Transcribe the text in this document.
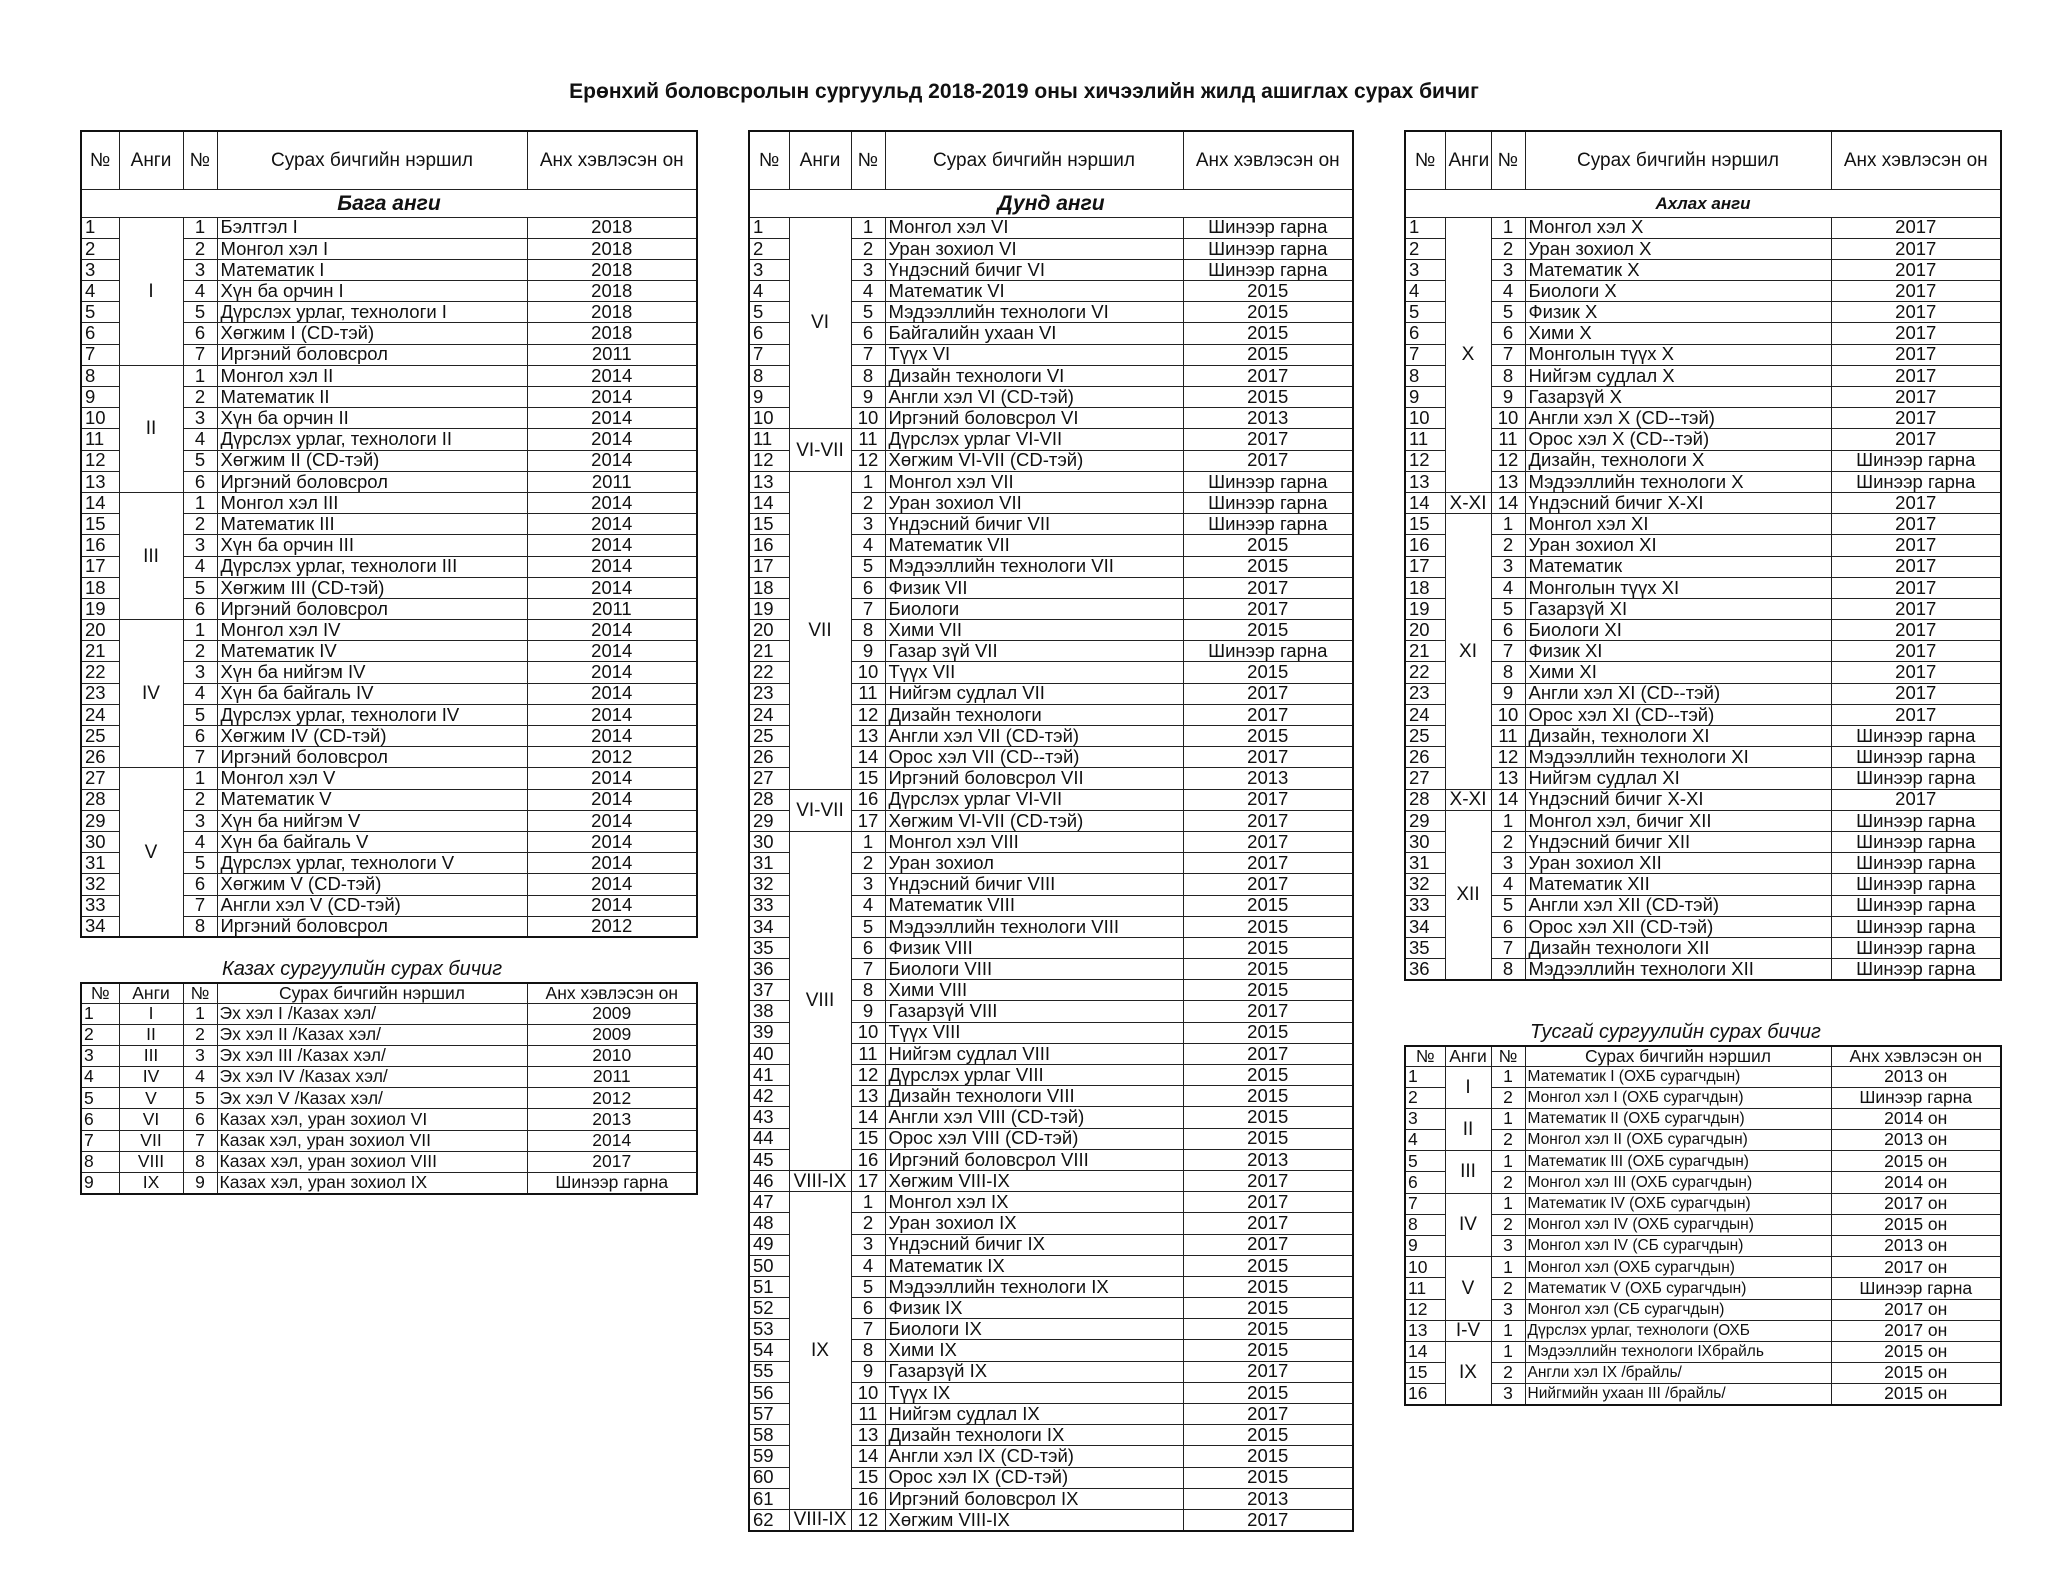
Ерөнхий боловсролын сургуульд 2018-2019 оны хичээлийн жилд ашиглах сурах бичиг
№	Анги	№	Сурах бичгийн нэршил	Анх хэвлэсэн он
Бага анги				
1	I	1	Бэлтгэл I	2018
2		2	Монгол хэл I	2018
3		3	Математик I	2018
4		4	Хүн ба орчин I	2018
5		5	Дүрслэх урлаг, технологи I	2018
6		6	Хөгжим I (CD-тэй)	2018
7		7	Иргэний боловсрол	2011
8	II	1	Монгол хэл II	2014
9		2	Математик II	2014
10		3	Хүн ба орчин II	2014
11		4	Дүрслэх урлаг, технологи II	2014
12		5	Хөгжим II (CD-тэй)	2014
13		6	Иргэний боловсрол	2011
14	III	1	Монгол хэл III	2014
15		2	Математик III	2014
16		3	Хүн ба орчин III	2014
17		4	Дүрслэх урлаг, технологи III	2014
18		5	Хөгжим III (CD-тэй)	2014
19		6	Иргэний боловсрол	2011
20	IV	1	Монгол хэл IV	2014
21		2	Математик IV	2014
22		3	Хүн ба нийгэм IV	2014
23		4	Хүн ба байгаль IV	2014
24		5	Дүрслэх урлаг, технологи IV	2014
25		6	Хөгжим IV (CD-тэй)	2014
26		7	Иргэний боловсрол	2012
27	V	1	Монгол хэл V	2014
28		2	Математик V	2014
29		3	Хүн ба нийгэм V	2014
30		4	Хүн ба байгаль V	2014
31		5	Дүрслэх урлаг, технологи V	2014
32		6	Хөгжим V (CD-тэй)	2014
33		7	Англи хэл V (CD-тэй)	2014
34		8	Иргэний боловсрол	2012
Казах сургуулийн сурах бичиг
№	Анги	№	Сурах бичгийн нэршил	Анх хэвлэсэн он
1	I	1	Эх хэл I /Казах хэл/	2009
2	II	2	Эх хэл II /Казах хэл/	2009
3	III	3	Эх хэл III /Казах хэл/	2010
4	IV	4	Эх хэл IV /Казах хэл/	2011
5	V	5	Эх хэл V /Казах хэл/	2012
6	VI	6	Казах хэл, уран зохиол VI	2013
7	VII	7	Казак хэл, уран зохиол VII	2014
8	VIII	8	Казах хэл, уран зохиол VIII	2017
9	IX	9	Казах хэл, уран зохиол IX	Шинээр гарна
№	Анги	№	Сурах бичгийн нэршил	Анх хэвлэсэн он
Дунд анги				
1	VI	1	Монгол хэл VI	Шинээр гарна
2		2	Уран зохиол VI	Шинээр гарна
3		3	Үндэсний бичиг VI	Шинээр гарна
4		4	Математик VI	2015
5		5	Мэдээллийн технологи VI	2015
6		6	Байгалийн ухаан VI	2015
7		7	Түүх VI	2015
8		8	Дизайн технологи VI	2017
9		9	Англи хэл VI (CD-тэй)	2015
10		10	Иргэний боловсрол VI	2013
11	VI-VII	11	Дүрслэх урлаг VI-VII	2017
12		12	Хөгжим VI-VII (CD-тэй)	2017
13	VII	1	Монгол хэл VII	Шинээр гарна
14		2	Уран зохиол VII	Шинээр гарна
15		3	Үндэсний бичиг VII	Шинээр гарна
16		4	Математик VII	2015
17		5	Мэдээллийн технологи VII	2015
18		6	Физик VII	2017
19		7	Биологи	2017
20		8	Хими VII	2015
21		9	Газар зүй VII	Шинээр гарна
22		10	Түүх VII	2015
23		11	Нийгэм судлал VII	2017
24		12	Дизайн технологи	2017
25		13	Англи хэл VII (CD-тэй)	2015
26		14	Орос хэл VII (CD--тэй)	2017
27		15	Иргэний боловсрол VII	2013
28	VI-VII	16	Дүрслэх урлаг VI-VII	2017
29		17	Хөгжим VI-VII (CD-тэй)	2017
30	VIII	1	Монгол хэл VIII	2017
31		2	Уран зохиол	2017
32		3	Үндэсний бичиг VIII	2017
33		4	Математик VIII	2015
34		5	Мэдээллийн технологи VIII	2015
35		6	Физик VIII	2015
36		7	Биологи VIII	2015
37		8	Хими VIII	2015
38		9	Газарзүй VIII	2017
39		10	Түүх VIII	2015
40		11	Нийгэм судлал VIII	2017
41		12	Дүрслэх урлаг VIII	2015
42		13	Дизайн технологи VIII	2015
43		14	Англи хэл VIII (CD-тэй)	2015
44		15	Орос хэл VIII (CD-тэй)	2015
45		16	Иргэний боловсрол VIII	2013
46	VIII-IX	17	Хөгжим VIII-IX	2017
47	IX	1	Монгол хэл IX	2017
48		2	Уран зохиол IX	2017
49		3	Үндэсний бичиг IX	2017
50		4	Математик IX	2015
51		5	Мэдээллийн технологи IX	2015
52		6	Физик IX	2015
53		7	Биологи IX	2015
54		8	Хими IX	2015
55		9	Газарзүй IX	2017
56		10	Түүх IX	2015
57		11	Нийгэм судлал IX	2017
58		13	Дизайн технологи IX	2015
59		14	Англи хэл IX (CD-тэй)	2015
60		15	Орос хэл IX (CD-тэй)	2015
61		16	Иргэний боловсрол IX	2013
62	VIII-IX	12	Хөгжим VIII-IX	2017
№	Анги	№	Сурах бичгийн нэршил	Анх хэвлэсэн он
Ахлах анги				
1	X	1	Монгол хэл X	2017
2		2	Уран зохиол X	2017
3		3	Математик X	2017
4		4	Биологи X	2017
5		5	Физик X	2017
6		6	Хими X	2017
7		7	Монголын түүх X	2017
8		8	Нийгэм судлал X	2017
9		9	Газарзүй X	2017
10		10	Англи хэл X (CD--тэй)	2017
11		11	Орос хэл X (CD--тэй)	2017
12		12	Дизайн, технологи X	Шинээр гарна
13		13	Мэдээллийн технологи X	Шинээр гарна
14	X-XI	14	Үндэсний бичиг X-XI	2017
15	XI	1	Монгол хэл XI	2017
16		2	Уран зохиол XI	2017
17		3	Математик	2017
18		4	Монголын түүх XI	2017
19		5	Газарзүй XI	2017
20		6	Биологи XI	2017
21		7	Физик XI	2017
22		8	Хими XI	2017
23		9	Англи хэл XI (CD--тэй)	2017
24		10	Орос хэл XI (CD--тэй)	2017
25		11	Дизайн, технологи XI	Шинээр гарна
26		12	Мэдээллийн технологи XI	Шинээр гарна
27		13	Нийгэм судлал XI	Шинээр гарна
28	X-XI	14	Үндэсний бичиг X-XI	2017
29	XII	1	Монгол хэл, бичиг XII	Шинээр гарна
30		2	Үндэсний бичиг XII	Шинээр гарна
31		3	Уран зохиол XII	Шинээр гарна
32		4	Математик XII	Шинээр гарна
33		5	Англи хэл XII (CD-тэй)	Шинээр гарна
34		6	Орос хэл XII (CD-тэй)	Шинээр гарна
35		7	Дизайн технологи XII	Шинээр гарна
36		8	Мэдээллийн технологи XII	Шинээр гарна
Тусгай сургуулийн сурах бичиг
№	Анги	№	Сурах бичгийн нэршил	Анх хэвлэсэн он
1	I	1	Математик I (ОХБ сурагчдын)	2013 он
2		2	Монгол хэл I (ОХБ сурагчдын)	Шинээр гарна
3	II	1	Математик II (ОХБ сурагчдын)	2014 он
4		2	Монгол хэл II (ОХБ сурагчдын)	2013 он
5	III	1	Математик III (ОХБ сурагчдын)	2015 он
6		2	Монгол хэл III (ОХБ сурагчдын)	2014 он
7	IV	1	Математик IV (ОХБ сурагчдын)	2017 он
8		2	Монгол хэл IV (ОХБ сурагчдын)	2015 он
9		3	Монгол хэл IV (СБ сурагчдын)	2013 он
10	V	1	Монгол хэл (ОХБ сурагчдын)	2017 он
11		2	Математик V (ОХБ сурагчдын)	Шинээр гарна
12		3	Монгол хэл (СБ сурагчдын)	2017 он
13	I-V	1	Дүрслэх урлаг, технологи (ОХБ	2017 он
14	IX	1	Мэдээллийн технологи IXбрайль	2015 он
15		2	Англи хэл IX /брайль/	2015 он
16		3	Нийгмийн ухаан III /брайль/	2015 он
